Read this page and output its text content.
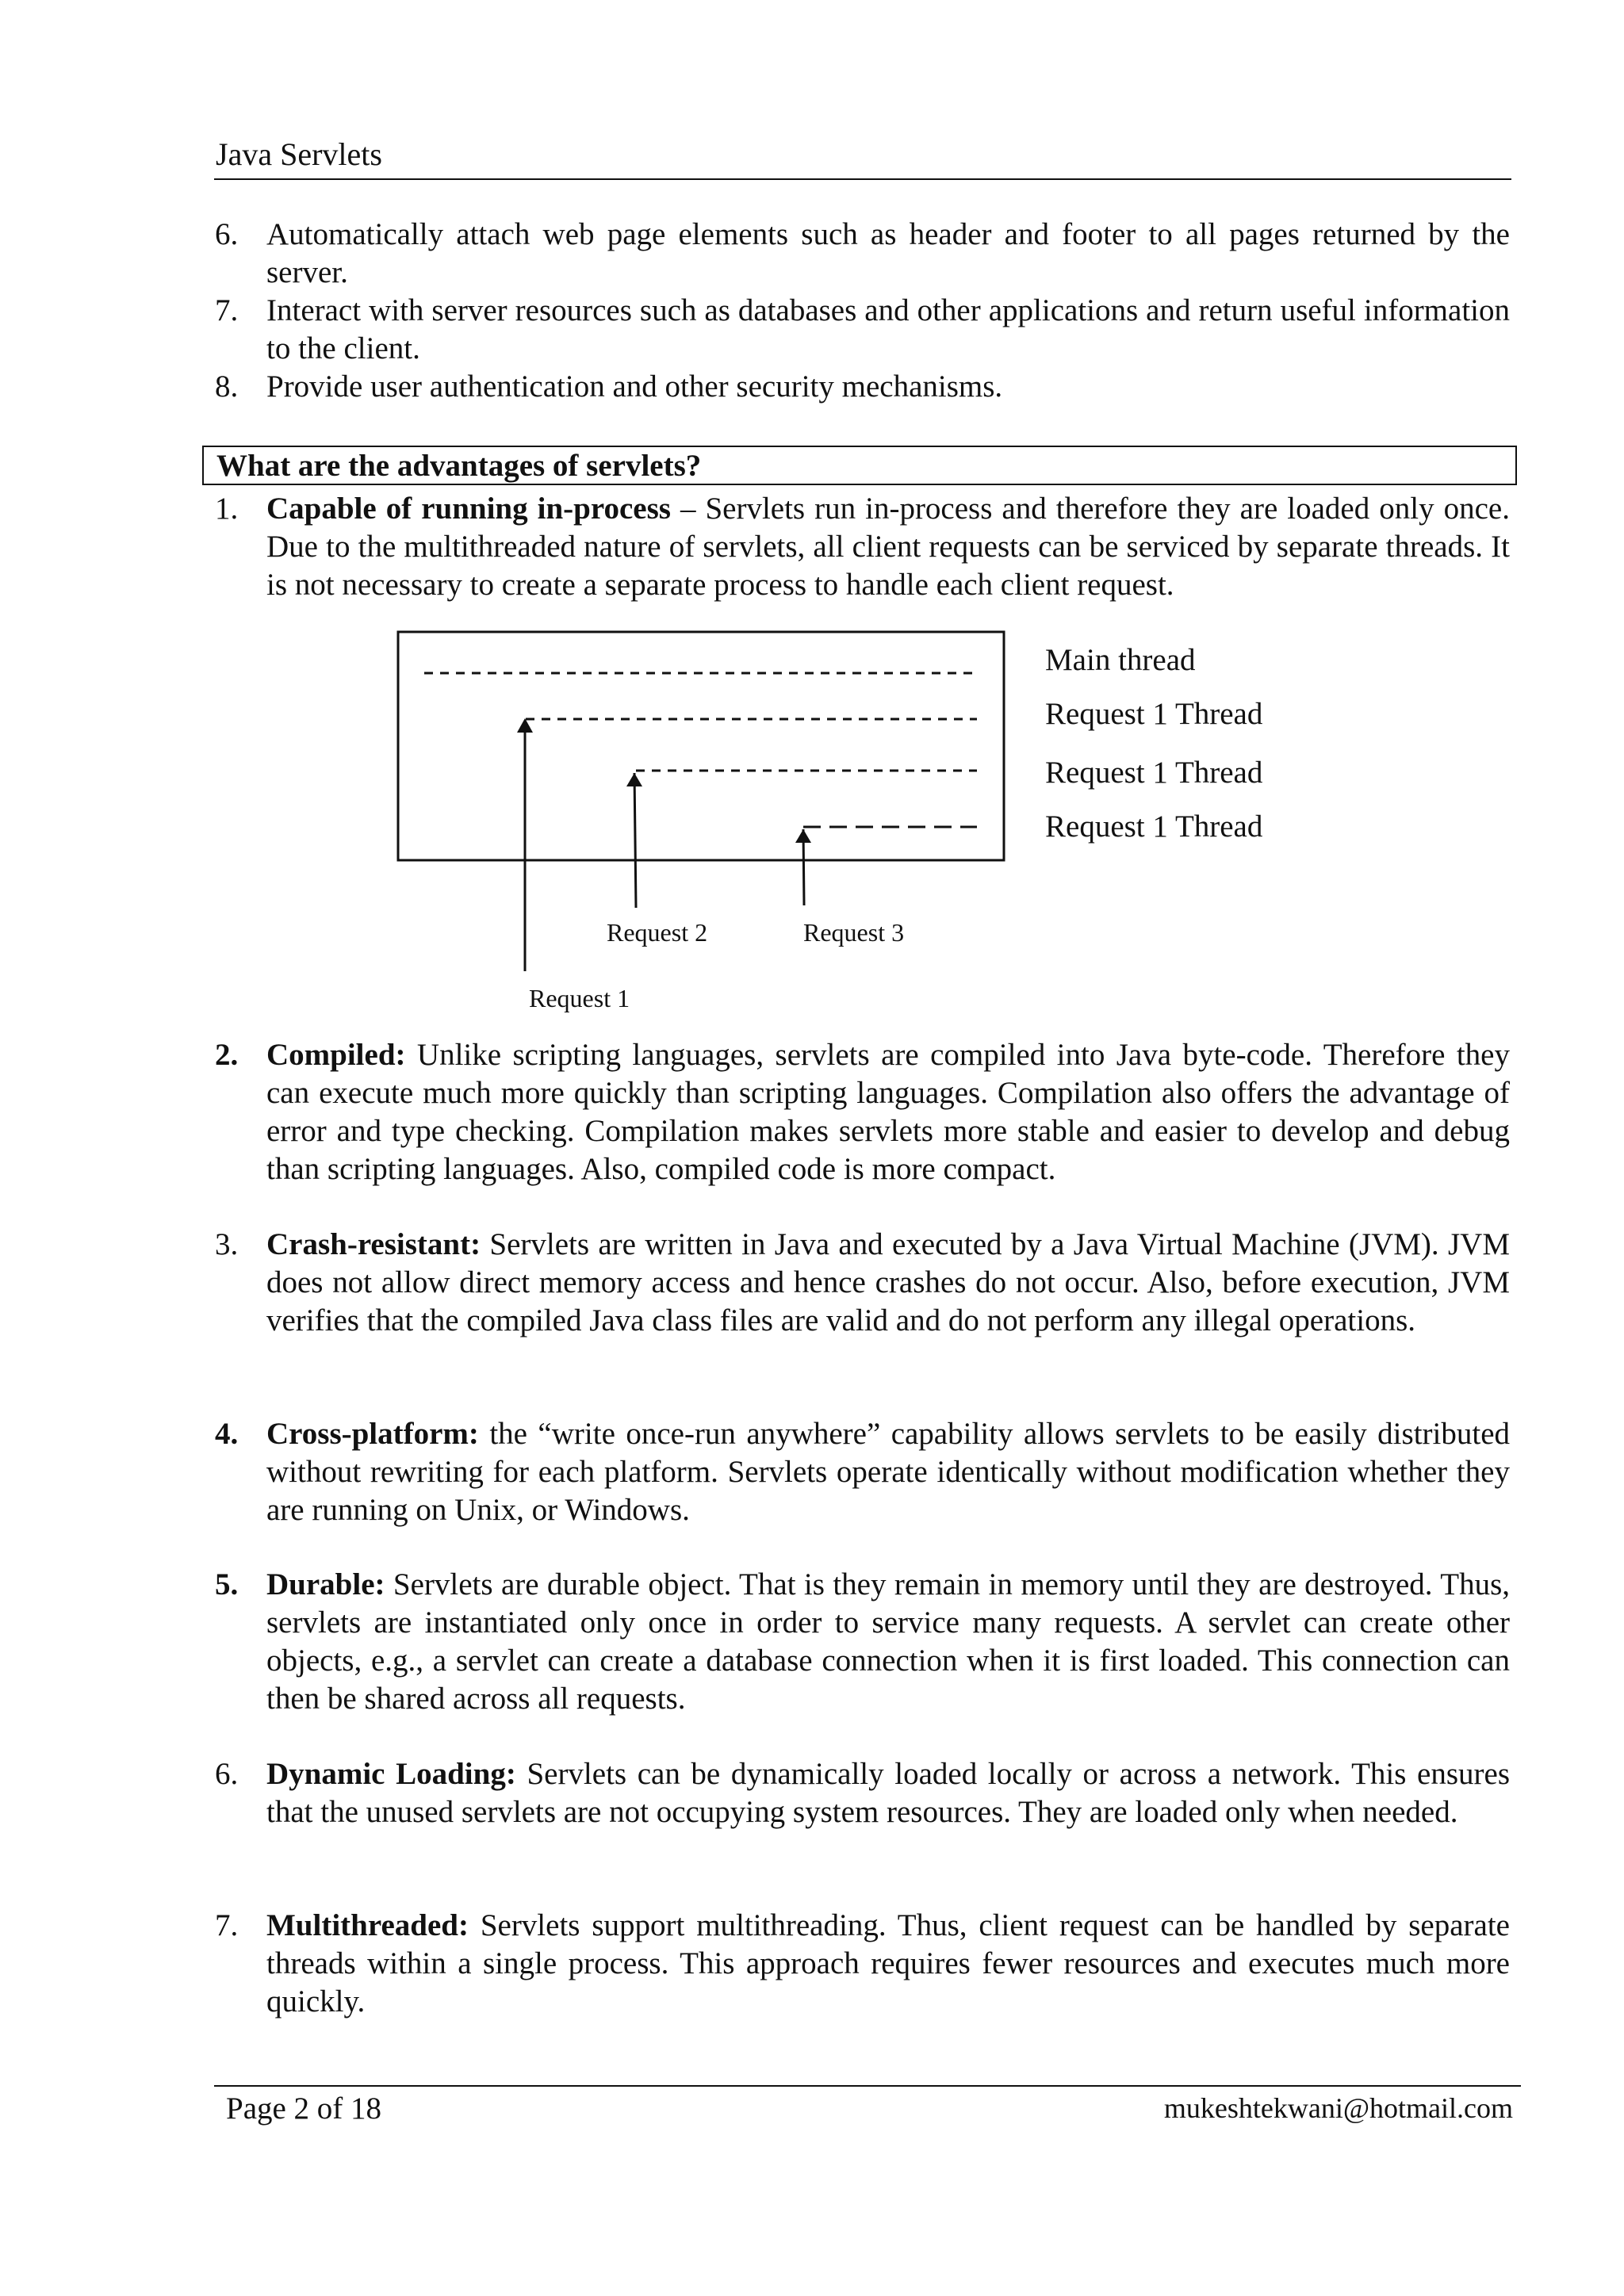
Java Servlets
6. Automatically attach web page elements such as header and footer to all pages returned by the server.
7. Interact with server resources such as databases and other applications and return useful information to the client.
8. Provide user authentication and other security mechanisms.
What are the advantages of servlets?
1. Capable of running in-process – Servlets run in-process and therefore they are loaded only once. Due to the multithreaded nature of servlets, all client requests can be serviced by separate threads. It is not necessary to create a separate process to handle each client request.
Main thread
Request 1 Thread
Request 1 Thread
Request 1 Thread
Request 1
Request 2	Request 3
2. Compiled: Unlike scripting languages, servlets are compiled into Java byte-code. Therefore they can execute much more quickly than scripting languages. Compilation also offers the advantage of error and type checking. Compilation makes servlets more stable and easier to develop and debug than scripting languages. Also, compiled code is more compact.
3. Crash-resistant: Servlets are written in Java and executed by a Java Virtual Machine (JVM). JVM does not allow direct memory access and hence crashes do not occur. Also, before execution, JVM verifies that the compiled Java class files are valid and do not perform any illegal operations.
4. Cross-platform: the “write once-run anywhere” capability allows servlets to be easily distributed without rewriting for each platform. Servlets operate identically without modification whether they are running on Unix, or Windows.
5. Durable: Servlets are durable object. That is they remain in memory until they are destroyed. Thus, servlets are instantiated only once in order to service many requests. A servlet can create other objects, e.g., a servlet can create a database connection when it is first loaded. This connection can then be shared across all requests.
6. Dynamic Loading: Servlets can be dynamically loaded locally or across a network. This ensures that the unused servlets are not occupying system resources. They are loaded only when needed.
7. Multithreaded: Servlets support multithreading. Thus, client request can be handled by separate threads within a single process. This approach requires fewer resources and executes much more quickly.
Page 2 of 18	mukeshtekwani@hotmail.com
